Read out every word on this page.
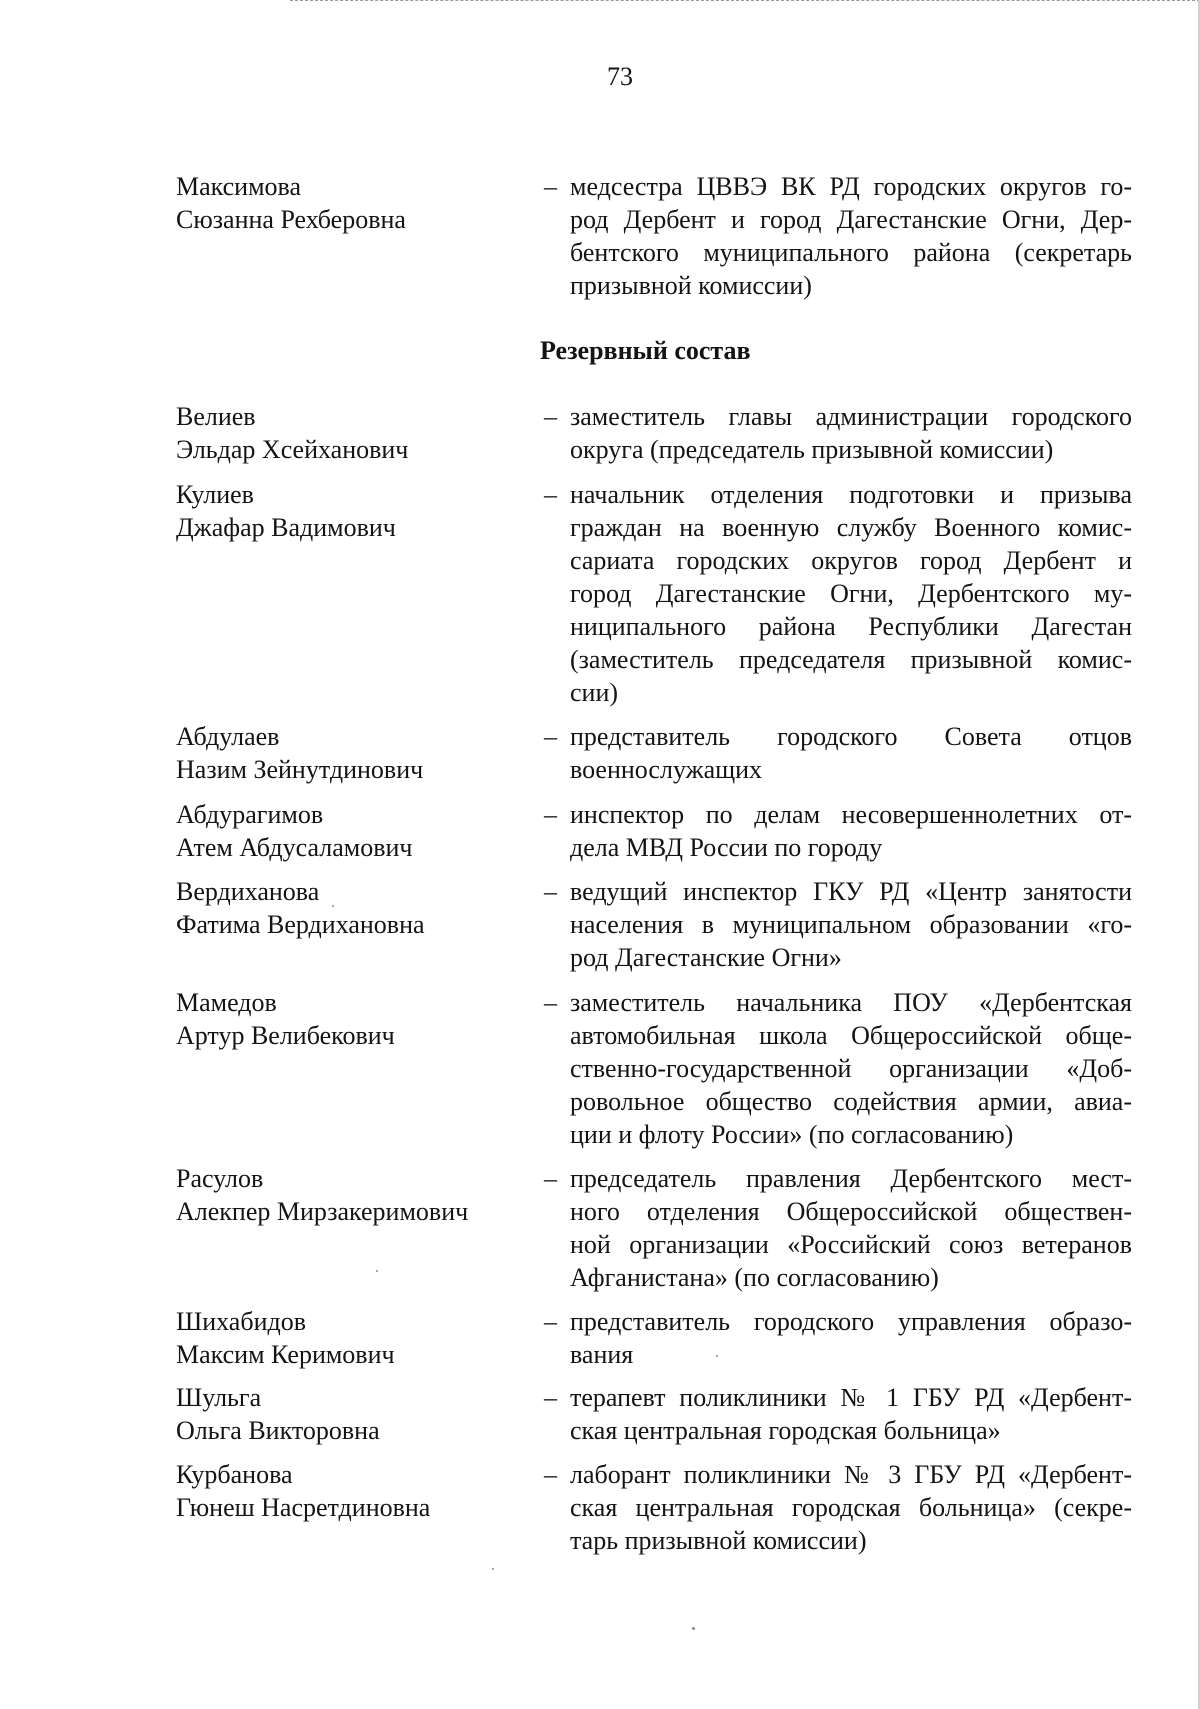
73
Максимова
Сюзанна Рехберовна
– медсестра ЦВВЭ ВК РД городских округов го-
род Дербент и город Дагестанские Огни, Дер-
бентского муниципального района (секретарь
призывной комиссии)
Резервный состав
Велиев
Эльдар Хсейханович
– заместитель главы администрации городского
округа (председатель призывной комиссии)
Кулиев
Джафар Вадимович
– начальник отделения подготовки и призыва
граждан на военную службу Военного комис-
сариата городских округов город Дербент и
город Дагестанские Огни, Дербентского му-
ниципального района Республики Дагестан
(заместитель председателя призывной комис-
сии)
Абдулаев
Назим Зейнутдинович
– представитель городского Совета отцов
военнослужащих
Абдурагимов
Атем Абдусаламович
– инспектор по делам несовершеннолетних от-
дела МВД России по городу
Вердиханова
Фатима Вердихановна
– ведущий инспектор ГКУ РД «Центр занятости
населения в муниципальном образовании «го-
род Дагестанские Огни»
Мамедов
Артур Велибекович
– заместитель начальника ПОУ «Дербентская
автомобильная школа Общероссийской обще-
ственно-государственной организации «Доб-
ровольное общество содействия армии, авиа-
ции и флоту России» (по согласованию)
Расулов
Алекпер Мирзакеримович
– председатель правления Дербентского мест-
ного отделения Общероссийской обществен-
ной организации «Российский союз ветеранов
Афганистана» (по согласованию)
Шихабидов
Максим Керимович
– представитель городского управления образо-
вания
Шульга
Ольга Викторовна
– терапевт поликлиники № 1 ГБУ РД «Дербент-
ская центральная городская больница»
Курбанова
Гюнеш Насретдиновна
– лаборант поликлиники № 3 ГБУ РД «Дербент-
ская центральная городская больница» (секре-
тарь призывной комиссии)
